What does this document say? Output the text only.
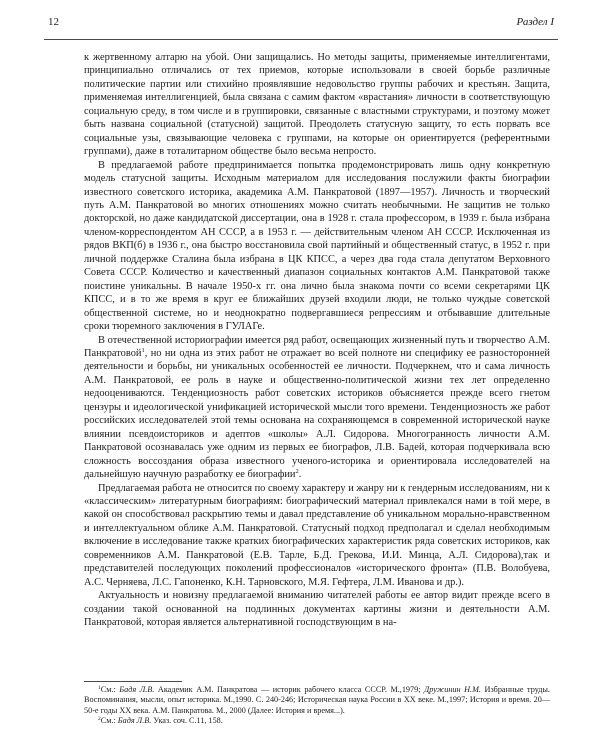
12	Раздел I

к жертвенному алтарю на убой. Они защищались. Но методы защиты, применяемые интеллигентами, принципиально отличались от тех приемов, которые использовали в своей борьбе различные политические партии или стихийно проявлявшие недовольство группы рабочих и крестьян. Защита, применяемая интеллигенцией, была связана с самим фактом «врастания» личности в соответствующую социальную среду, в том числе и в группировки, связанные с властными структурами, и поэтому может быть названа социальной (статусной) защитой. Преодолеть статусную защиту, то есть порвать все социальные узы, связывающие человека с группами, на которые он ориентируется (референтными группами), даже в тоталитарном обществе было весьма непросто.

В предлагаемой работе предпринимается попытка продемонстрировать лишь одну конкретную модель статусной защиты. Исходным материалом для исследования послужили факты биографии известного советского историка, академика А.М. Панкратовой (1897—1957). Личность и творческий путь А.М. Панкратовой во многих отношениях можно считать необычными. Не защитив не только докторской, но даже кандидатской диссертации, она в 1928 г. стала профессором, в 1939 г. была избрана членом-корреспондентом АН СССР, а в 1953 г. — действительным членом АН СССР. Исключенная из рядов ВКП(б) в 1936 г., она быстро восстановила свой партийный и общественный статус, в 1952 г. при личной поддержке Сталина была избрана в ЦК КПСС, а через два года стала депутатом Верховного Совета СССР. Количество и качественный диапазон социальных контактов А.М. Панкратовой также поистине уникальны. В начале 1950-х гг. она лично была знакома почти со всеми секретарями ЦК КПСС, и в то же время в круг ее ближайших друзей входили люди, не только чуждые советской общественной системе, но и неоднократно подвергавшиеся репрессиям и отбывавшие длительные сроки тюремного заключения в ГУЛАГе.

В отечественной историографии имеется ряд работ, освещающих жизненный путь и творчество А.М. Панкратовой$^1$, но ни одна из этих работ не отражает во всей полноте ни специфику ее разносторонней деятельности и борьбы, ни уникальных особенностей ее личности. Подчеркнем, что и сама личность А.М. Панкратовой, ее роль в науке и общественно-политической жизни тех лет определенно недооцениваются. Тенденциозность работ советских историков объясняется прежде всего гнетом цензуры и идеологической унификацией исторической мысли того времени. Тенденциозность же работ российских исследователей этой темы основана на сохраняющемся в современной исторической науке влиянии псевдоисториков и адептов «школы» А.Л. Сидорова. Многогранность личности А.М. Панкратовой осознавалась уже одним из первых ее биографов, Л.В. Бадей, которая подчеркивала всю сложность воссоздания образа известного ученого-историка и ориентировала исследователей на дальнейшую научную разработку ее биографии$^2$.

Предлагаемая работа не относится по своему характеру и жанру ни к гендерным исследованиям, ни к «классическим» литературным биографиям: биографический материал привлекался нами в той мере, в какой он способствовал раскрытию темы и давал представление об уникальном морально-нравственном и интеллектуальном облике А.М. Панкратовой. Статусный подход предполагал и сделал необходимым включение в исследование также кратких биографических характеристик ряда советских историков, как современников А.М. Панкратовой (Е.В. Тарле, Б.Д. Грекова, И.И. Минца, А.Л. Сидорова),так и представителей последующих поколений профессионалов «исторического фронта» (П.В. Волобуева, А.С. Черняева, Л.С. Гапоненко, К.Н. Тарновского, М.Я. Гефтера, Л.М. Иванова и др.).

Актуальность и новизну предлагаемой вниманию читателей работы ее автор видит прежде всего в создании такой основанной на подлинных документах картины жизни и деятельности А.М. Панкратовой, которая является альтернативной господствующим в на-

$^1$См.: Бадя Л.В. Академик А.М. Панкратова — историк рабочего класса СССР. М.,1979; Дружинин Н.М. Избранные труды. Воспоминания, мысли, опыт историка. М.,1990. С. 240-246; Историческая наука России в XX веке. М.,1997; История и время. 20—50-е годы XX века. А.М. Панкратова. М., 2000 (Далее: История и время...).

$^2$См.: Бадя Л.В. Указ. соч. С.11, 158.
